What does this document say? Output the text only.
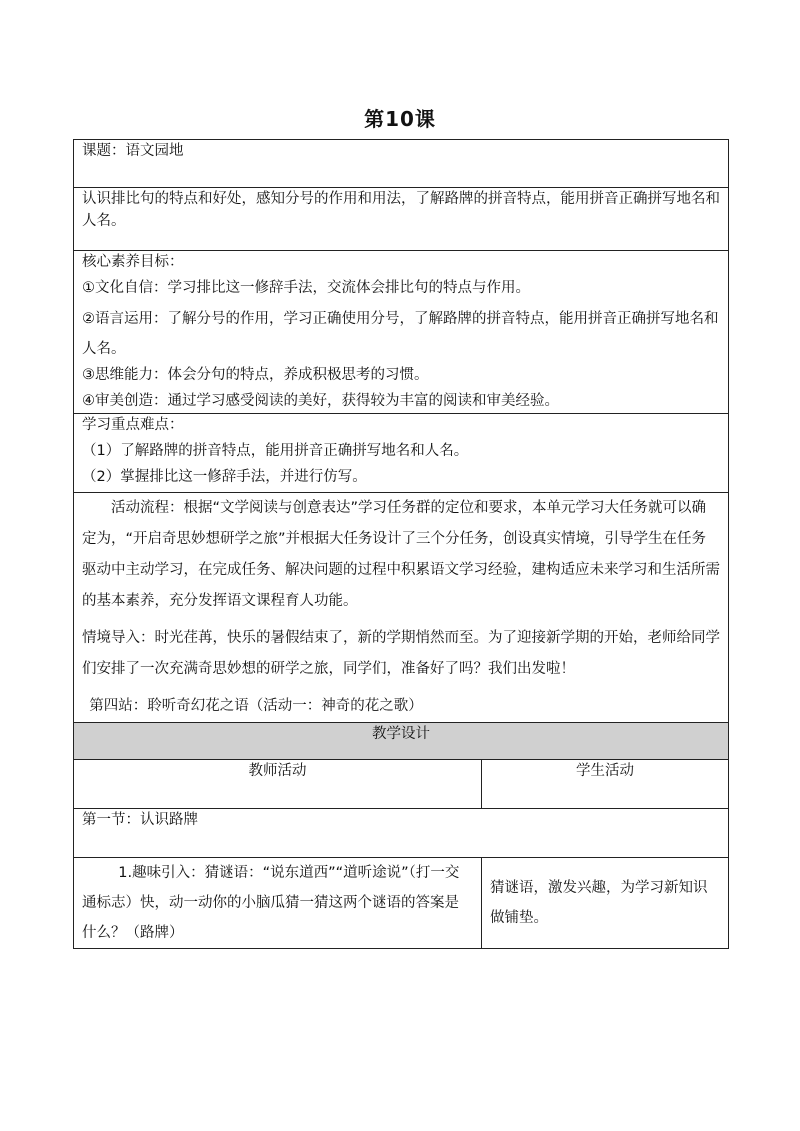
第10课
课题：语文园地	
认识排比句的特点和好处，感知分号的作用和用法，了解路牌的拼音特点，能用拼音正确拼写地名和人名。	

核心素养目标：

①文化自信：学习排比这一修辞手法，交流体会排比句的特点与作用。

②语言运用：了解分号的作用，学习正确使用分号，了解路牌的拼音特点，能用拼音正确拼写地名和人名。

③思维能力：体会分句的特点，养成积极思考的习惯。

④审美创造：通过学习感受阅读的美好，获得较为丰富的阅读和审美经验。	

学习重点难点：

（1）了解路牌的拼音特点，能用拼音正确拼写地名和人名。

（2）掌握排比这一修辞手法，并进行仿写。	

活动流程：根据“文学阅读与创意表达”学习任务群的定位和要求，本单元学习大任务就可以确定为，“开启奇思妙想研学之旅”并根据大任务设计了三个分任务，创设真实情境，引导学生在任务驱动中主动学习，在完成任务、解决问题的过程中积累语文学习经验，建构适应未来学习和生活所需的基本素养，充分发挥语文课程育人功能。

情境导入：时光荏苒，快乐的暑假结束了，新的学期悄然而至。为了迎接新学期的开始，老师给同学们安排了一次充满奇思妙想的研学之旅，同学们，准备好了吗？我们出发啦！

第四站：聆听奇幻花之语（活动一：神奇的花之歌）	

教学设计	
教师活动	学生活动
第一节：认识路牌	

1.趣味引入：猜谜语：“说东道西”“道听途说”（打一交通标志）快，动一动你的小脑瓜猜一猜这两个谜语的答案是什么？（路牌）	猜谜语，激发兴趣，为学习新知识做铺垫。
